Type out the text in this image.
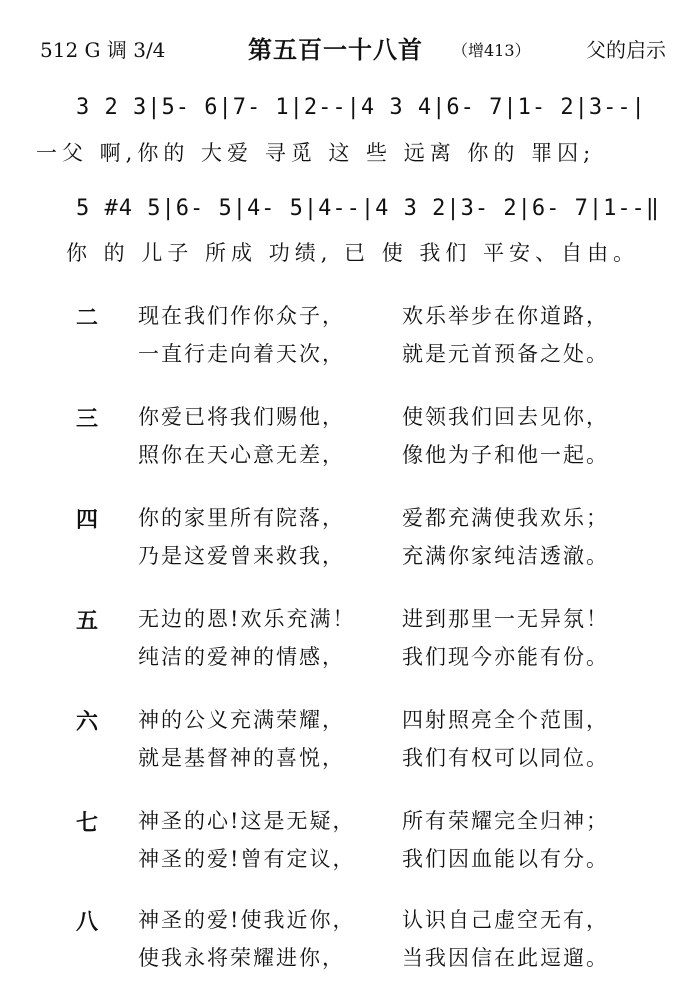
512 G 调 3/4	第五百一十八首 （增413）	父的启示
3 2 3|5- 6|7- 1|2--|4 3 4|6- 7|1- 2|3--|
一父 啊,你的 大爱 寻觅 这 些 远离 你的 罪囚;
5 #4 5|6- 5|4- 5|4--|4 3 2|3- 2|6- 7|1--‖
你 的 儿子 所成 功绩, 已 使 我们 平安、自由。
二 现在我们作你众子，	欢乐举步在你道路，
一直行走向着天次，	就是元首预备之处。
三 你爱已将我们赐他，	使领我们回去见你，
照你在天心意无差，	像他为子和他一起。
四 你的家里所有院落，	爱都充满使我欢乐；
乃是这爱曾来救我，	充满你家纯洁透澈。
五 无边的恩!欢乐充满！ 进到那里一无异氛！
纯洁的爱神的情感，	我们现今亦能有份。
六 神的公义充满荣耀，	四射照亮全个范围，
就是基督神的喜悦，	我们有权可以同位。
七 神圣的心!这是无疑， 所有荣耀完全归神；
神圣的爱!曾有定议， 我们因血能以有分。
八 神圣的爱!使我近你， 认识自己虚空无有，
使我永将荣耀进你，	当我因信在此逗遛。
